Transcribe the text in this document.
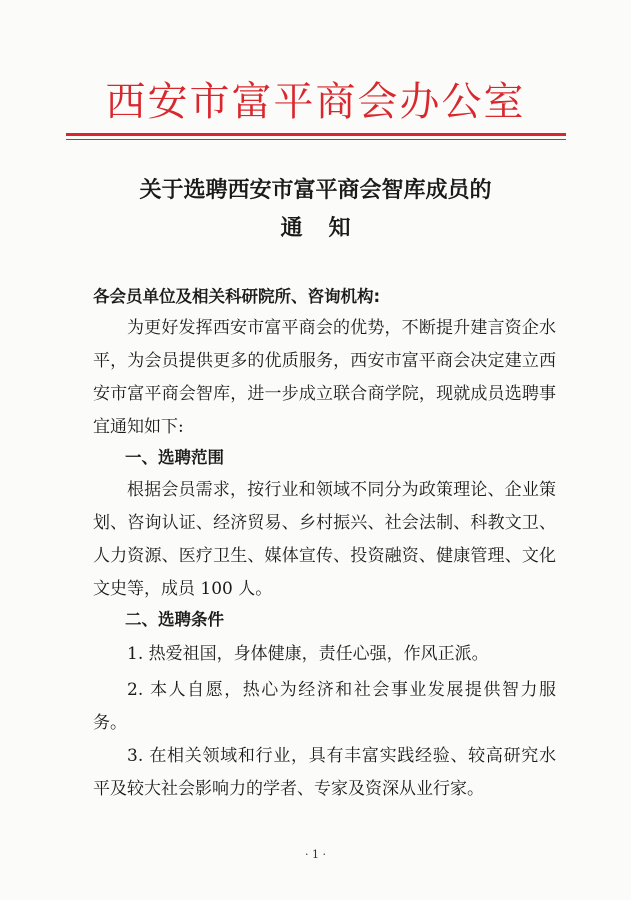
西安市富平商会办公室
关于选聘西安市富平商会智库成员的
通知
各会员单位及相关科研院所、咨询机构:
为更好发挥西安市富平商会的优势，不断提升建言资企水平，为会员提供更多的优质服务，西安市富平商会决定建立西安市富平商会智库，进一步成立联合商学院，现就成员选聘事宜通知如下:
一、选聘范围
根据会员需求，按行业和领域不同分为政策理论、企业策划、咨询认证、经济贸易、乡村振兴、社会法制、科教文卫、人力资源、医疗卫生、媒体宣传、投资融资、健康管理、文化文史等，成员 100 人。
二、选聘条件
1. 热爱祖国，身体健康，责任心强，作风正派。
2. 本人自愿，热心为经济和社会事业发展提供智力服务。
3. 在相关领域和行业，具有丰富实践经验、较高研究水平及较大社会影响力的学者、专家及资深从业行家。
· 1 ·
